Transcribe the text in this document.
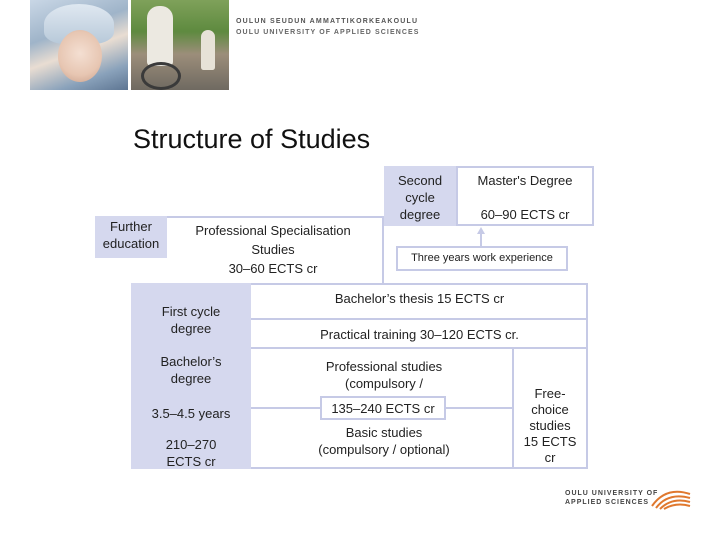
OULUN SEUDUN AMMATTIKORKEAKOULU
OULU UNIVERSITY OF APPLIED SCIENCES
Structure of Studies
Second
cycle
degree
Master's Degree
60–90 ECTS cr
Three years work experience
Further
education
Professional Specialisation
Studies
30–60 ECTS cr
First cycle
degree
Bachelor’s
degree
3.5–4.5 years
210–270
ECTS cr
Bachelor’s thesis 15 ECTS cr
Practical training 30–120 ECTS cr.
Professional studies
(compulsory /
135–240 ECTS cr
Basic studies
(compulsory / optional)
Free-
choice
studies
15 ECTS
cr
OULU UNIVERSITY OF
APPLIED SCIENCES
